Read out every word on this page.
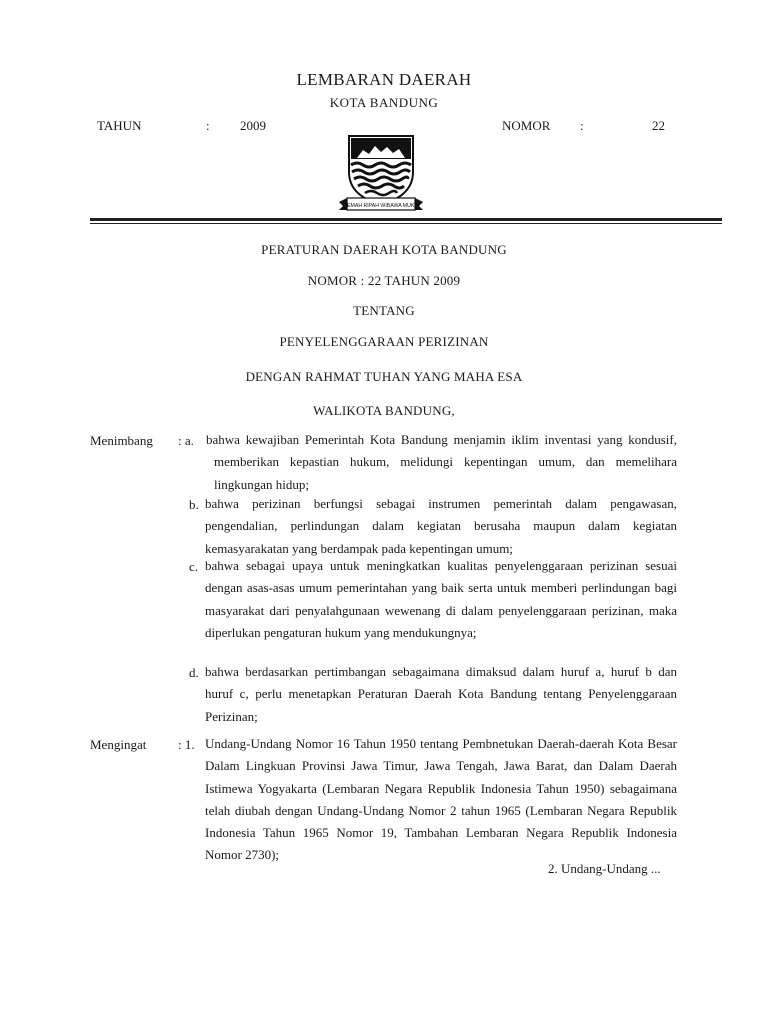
LEMBARAN DAERAH
KOTA BANDUNG
TAHUN	: 2009	NOMOR :	22
GEMAH RIPAH WIBAWA MUKTI
PERATURAN DAERAH KOTA BANDUNG
NOMOR : 22 TAHUN 2009
TENTANG
PENYELENGGARAAN PERIZINAN
DENGAN RAHMAT TUHAN YANG MAHA ESA
WALIKOTA BANDUNG,
Menimbang : a. bahwa kewajiban Pemerintah Kota Bandung menjamin iklim inventasi yang kondusif, memberikan kepastian hukum, melidungi kepentingan umum, dan memelihara lingkungan hidup;
b. bahwa perizinan berfungsi sebagai instrumen pemerintah dalam pengawasan, pengendalian, perlindungan dalam kegiatan berusaha maupun dalam kegiatan kemasyarakatan yang berdampak pada kepentingan umum;
c. bahwa sebagai upaya untuk meningkatkan kualitas penyelenggaraan perizinan sesuai dengan asas-asas umum pemerintahan yang baik serta untuk memberi perlindungan bagi masyarakat dari penyalahgunaan wewenang di dalam penyelenggaraan perizinan, maka diperlukan pengaturan hukum yang mendukungnya;
d. bahwa berdasarkan pertimbangan sebagaimana dimaksud dalam huruf a, huruf b dan huruf c, perlu menetapkan Peraturan Daerah Kota Bandung tentang Penyelenggaraan Perizinan;
Mengingat : 1. Undang-Undang Nomor 16 Tahun 1950 tentang Pembnetukan Daerah-daerah Kota Besar Dalam Lingkuan Provinsi Jawa Timur, Jawa Tengah, Jawa Barat, dan Dalam Daerah Istimewa Yogyakarta (Lembaran Negara Republik Indonesia Tahun 1950) sebagaimana telah diubah dengan Undang-Undang Nomor 2 tahun 1965 (Lembaran Negara Republik Indonesia Tahun 1965 Nomor 19, Tambahan Lembaran Negara Republik Indonesia Nomor 2730);
2. Undang-Undang ...
